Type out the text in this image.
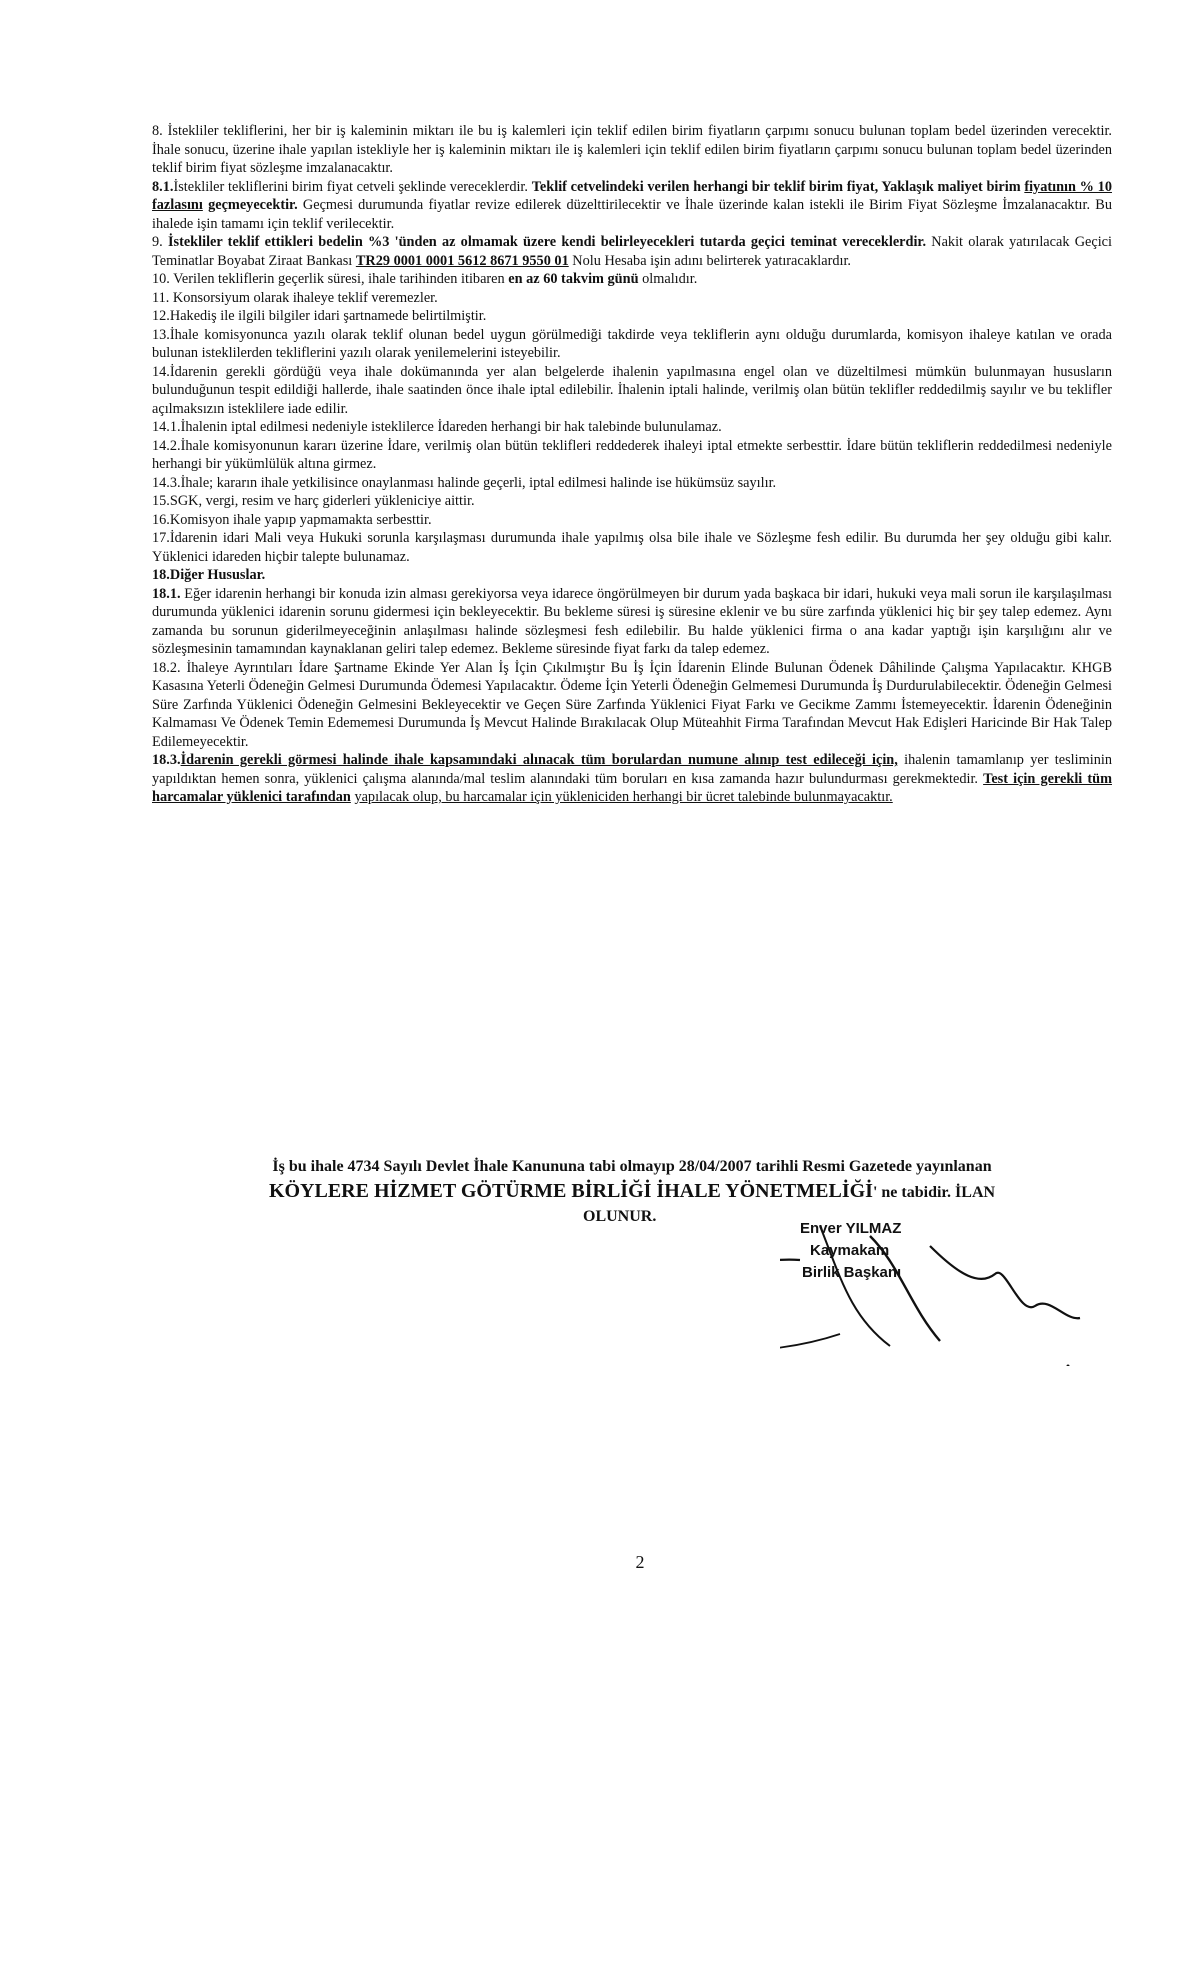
8. İstekliler tekliflerini, her bir iş kaleminin miktarı ile bu iş kalemleri için teklif edilen birim fiyatların çarpımı sonucu bulunan toplam bedel üzerinden verecektir. İhale sonucu, üzerine ihale yapılan istekliyle her iş kaleminin miktarı ile iş kalemleri için teklif edilen birim fiyatların çarpımı sonucu bulunan toplam bedel üzerinden teklif birim fiyat sözleşme imzalanacaktır.

8.1.İstekliler tekliflerini birim fiyat cetveli şeklinde vereceklerdir. Teklif cetvelindeki verilen herhangi bir teklif birim fiyat, Yaklaşık maliyet birim fiyatının % 10 fazlasını geçmeyecektir. Geçmesi durumunda fiyatlar revize edilerek düzelttirilecektir ve İhale üzerinde kalan istekli ile Birim Fiyat Sözleşme İmzalanacaktır. Bu ihalede işin tamamı için teklif verilecektir.

9. İstekliler teklif ettikleri bedelin %3 'ünden az olmamak üzere kendi belirleyecekleri tutarda geçici teminat vereceklerdir. Nakit olarak yatırılacak Geçici Teminatlar Boyabat Ziraat Bankası TR29 0001 0001 5612 8671 9550 01 Nolu Hesaba işin adını belirterek yatıracaklardır.

10. Verilen tekliflerin geçerlik süresi, ihale tarihinden itibaren en az 60 takvim günü olmalıdır.

11. Konsorsiyum olarak ihaleye teklif veremezler.

12.Hakediş ile ilgili bilgiler idari şartnamede belirtilmiştir.

13.İhale komisyonunca yazılı olarak teklif olunan bedel uygun görülmediği takdirde veya tekliflerin aynı olduğu durumlarda, komisyon ihaleye katılan ve orada bulunan isteklilerden tekliflerini yazılı olarak yenilemelerini isteyebilir.

14.İdarenin gerekli gördüğü veya ihale dokümanında yer alan belgelerde ihalenin yapılmasına engel olan ve düzeltilmesi mümkün bulunmayan hususların bulunduğunun tespit edildiği hallerde, ihale saatinden önce ihale iptal edilebilir. İhalenin iptali halinde, verilmiş olan bütün teklifler reddedilmiş sayılır ve bu teklifler açılmaksızın isteklilere iade edilir.

14.1.İhalenin iptal edilmesi nedeniyle isteklilerce İdareden herhangi bir hak talebinde bulunulamaz.

14.2.İhale komisyonunun kararı üzerine İdare, verilmiş olan bütün teklifleri reddederek ihaleyi iptal etmekte serbesttir. İdare bütün tekliflerin reddedilmesi nedeniyle herhangi bir yükümlülük altına girmez.

14.3.İhale; kararın ihale yetkilisince onaylanması halinde geçerli, iptal edilmesi halinde ise hükümsüz sayılır.

15.SGK, vergi, resim ve harç giderleri yükleniciye aittir.

16.Komisyon ihale yapıp yapmamakta serbesttir.

17.İdarenin idari Mali veya Hukuki sorunla karşılaşması durumunda ihale yapılmış olsa bile ihale ve Sözleşme fesh edilir. Bu durumda her şey olduğu gibi kalır. Yüklenici idareden hiçbir talepte bulunamaz.

18.Diğer Hususlar.

18.1. Eğer idarenin herhangi bir konuda izin alması gerekiyorsa veya idarece öngörülmeyen bir durum yada başkaca bir idari, hukuki veya mali sorun ile karşılaşılması durumunda yüklenici idarenin sorunu gidermesi için bekleyecektir. Bu bekleme süresi iş süresine eklenir ve bu süre zarfında yüklenici hiç bir şey talep edemez. Aynı zamanda bu sorunun giderilmeyeceğinin anlaşılması halinde sözleşmesi fesh edilebilir. Bu halde yüklenici firma o ana kadar yaptığı işin karşılığını alır ve sözleşmesinin tamamından kaynaklanan geliri talep edemez. Bekleme süresinde fiyat farkı da talep edemez.

18.2. İhaleye Ayrıntıları İdare Şartname Ekinde Yer Alan İş İçin Çıkılmıştır Bu İş İçin İdarenin Elinde Bulunan Ödenek Dâhilinde Çalışma Yapılacaktır. KHGB Kasasına Yeterli Ödeneğin Gelmesi Durumunda Ödemesi Yapılacaktır. Ödeme İçin Yeterli Ödeneğin Gelmemesi Durumunda İş Durdurulabilecektir. Ödeneğin Gelmesi Süre Zarfında Yüklenici Ödeneğin Gelmesini Bekleyecektir ve Geçen Süre Zarfında Yüklenici Fiyat Farkı ve Gecikme Zammı İstemeyecektir. İdarenin Ödeneğinin Kalmaması Ve Ödenek Temin Edememesi Durumunda İş Mevcut Halinde Bırakılacak Olup Müteahhit Firma Tarafından Mevcut Hak Edişleri Haricinde Bir Hak Talep Edilemeyecektir.

18.3.İdarenin gerekli görmesi halinde ihale kapsamındaki alınacak tüm borulardan numune alınıp test edileceği için, ihalenin tamamlanıp yer tesliminin yapıldıktan hemen sonra, yüklenici çalışma alanında/mal teslim alanındaki tüm boruları en kısa zamanda hazır bulundurması gerekmektedir. Test için gerekli tüm harcamalar yüklenici tarafından yapılacak olup, bu harcamalar için yükleniciden herhangi bir ücret talebinde bulunmayacaktır.

İş bu ihale 4734 Sayılı Devlet İhale Kanununa tabi olmayıp 28/04/2007 tarihli Resmi Gazetede yayınlanan
KÖYLERE HİZMET GÖTÜRME BİRLİĞİ İHALE YÖNETMELİĞİ' ne tabidir. İLAN
OLUNUR.
Enver YILMAZ
Kaymakam
Birlik Başkanı
2
